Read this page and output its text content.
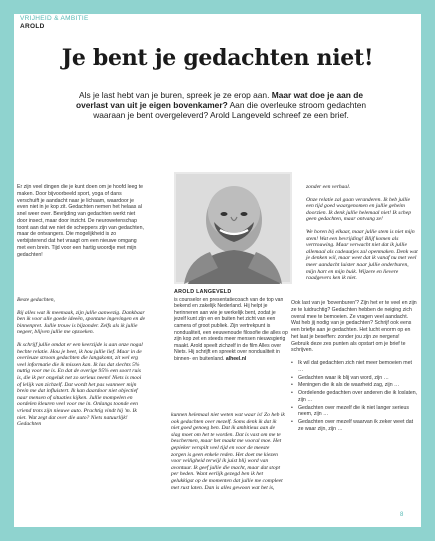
VRIJHEID & AMBITIE
AROLD
Je bent je gedachten niet!
Als je last hebt van je buren, spreek je ze erop aan. Maar wat doe je aan de overlast van uit je eigen bovenkamer? Aan die overleuke stroom gedachten waaraan je bent overgeleverd? Arold Langeveld schreef ze een brief.

Er zijn veel dingen die je kunt doen om je hoofd leeg te maken. Door bijvoorbeeld sport, yoga of dans verschuift je aandacht naar je lichaam, waardoor je even niet in je kop zit. Gedachten nemen het helaas al snel weer over. Bevrijding van gedachten werkt niet door insect, maar door inzicht. De neurowetenschap toont aan dat we niet de scheppers zijn van gedachten, maar de ontvangers. Die mogelijkheid is zo verbijsterend dat het vraagt om een nieuwe omgang met een brein. Tijd voor een hartig woordje met mijn gedachten!

Beste gedachten,

Bij alles wat ik meemaak, zijn jullie aanwezig. Dankbaar ben ik voor alle goede ideeën, spontane ingevingen en de binnenpret. Jullie trouw is bijzonder. Zelfs als ik jullie negeer, blijven jullie me opzoeken.

Ik schrijf jullie omdat er een keerzijde is aan onze nogal hechte relatie. Hou je beet, ik hou jullie lief. Maar in de overleuze stroom gedachten die langskomt, zit wel erg veel informatie die ik missen kan. Ik las dat slechts 5% nuttig voor me is. En dat de overige 95% een soort ruis is, die ik per ongeluk net zo serieus neem! Niets is mooi of lelijk van zichzelf. Dat wordt het pas wanneer mijn brein me dat influistert. Ik kan daardoor niet objectief naar mensen of situaties kijken. Jullie mompelen en oordelen kleuren veel voor me in. Onlangs toonde een vriend trots zijn nieuwe auto. Prachtig vindt hij 'm. Ik niet. Wat zegt dat over die auto? Niets natuurlijk! Gedachten

AROLD LANGEVELD
is counselor en presentatiecoach van de top van bekend en zakelijk Nederland. Hij helpt je herinneren aan wie je werkelijk bent, zodat je jezelf kunt zijn en en buiten het zicht van een camera of groot publiek. Zijn vertrekpunt is nondualiteit, een eeuwenoude filosofie die alles op zijn kop zet en steeds meer mensen nieuwsgierig maakt. Arold speelt zichzelf in de film Alles over Niets. Hij schrijft en spreekt over nondualiteit in binnen- en buitenland. alheel.nl

kunnen helemaal niet weten wat waar is! Zo heb ik ook gedachten over mezelf. Soms denk ik dat ik niet goed genoeg ben. Dat ik ambitieus aan de slag moet om het te worden. Dat is vast om me te beschermen, maar het maakt me vooral moe. Het gepieker verspilt veel tijd en voor de meeste zorgen is geen enkele reden. Het doet me kiezen voor veiligheid terwijl ik juist blij word van avontuur. Ik geef jullie die macht, maar dat stopt per heden. Want eerlijk gezegd ben ik het gelukkigst op de momenten dat jullie me compleet met rust laten. Dan is alles gewoon wat het is,

zonder een verhaal.

Onze relatie zal gaan veranderen. Ik heb jullie een tijd goed waargenomen en jullie geheim doorzien. Ik denk jullie helemaal niet! Ik schep geen gedachten, maar ontvang ze!

We horen bij elkaar, maar jullie stem is niet mijn stem! Wat een bevrijding! Blijf komen als vertrouwing. Maar verwacht niet dat ik jullie allemaal als cadeautjes zal openmaken. Denk wat je denken wil, maar weet dat ik vanaf nu met veel meer aandacht luister naar jullie onderburen, mijn hart en mijn buik. Wijzere en lievere raadgevers ken ik niet.

Ook last van je 'bovenburen'? Zijn het er te veel en zijn ze te luidruchtig? Gedachten hebben de neiging zich overal mee te bemoeien. Ze vragen veel aandacht. Wat heb jij nodig van je gedachten? Schrijf ook eens een briefje aan je gedachten. Het lucht enorm op en het laat je beseffen: zonder jou zijn ze nergens! Gebruik deze zes punten als opstart om je brief te schrijven.

• Ik wil dat gedachten zich niet meer bemoeien met …
• Gedachten waar ik blij van word, zijn …
• Meningen die ik als de waarheid zag, zijn …
• Oordelende gedachten over anderen die ik loslaten, zijn …
• Gedachten over mezelf die ik niet langer serieus neem, zijn …
• Gedachten over mezelf waarvan ik zeker weet dat ze waar zijn, zijn …
8
